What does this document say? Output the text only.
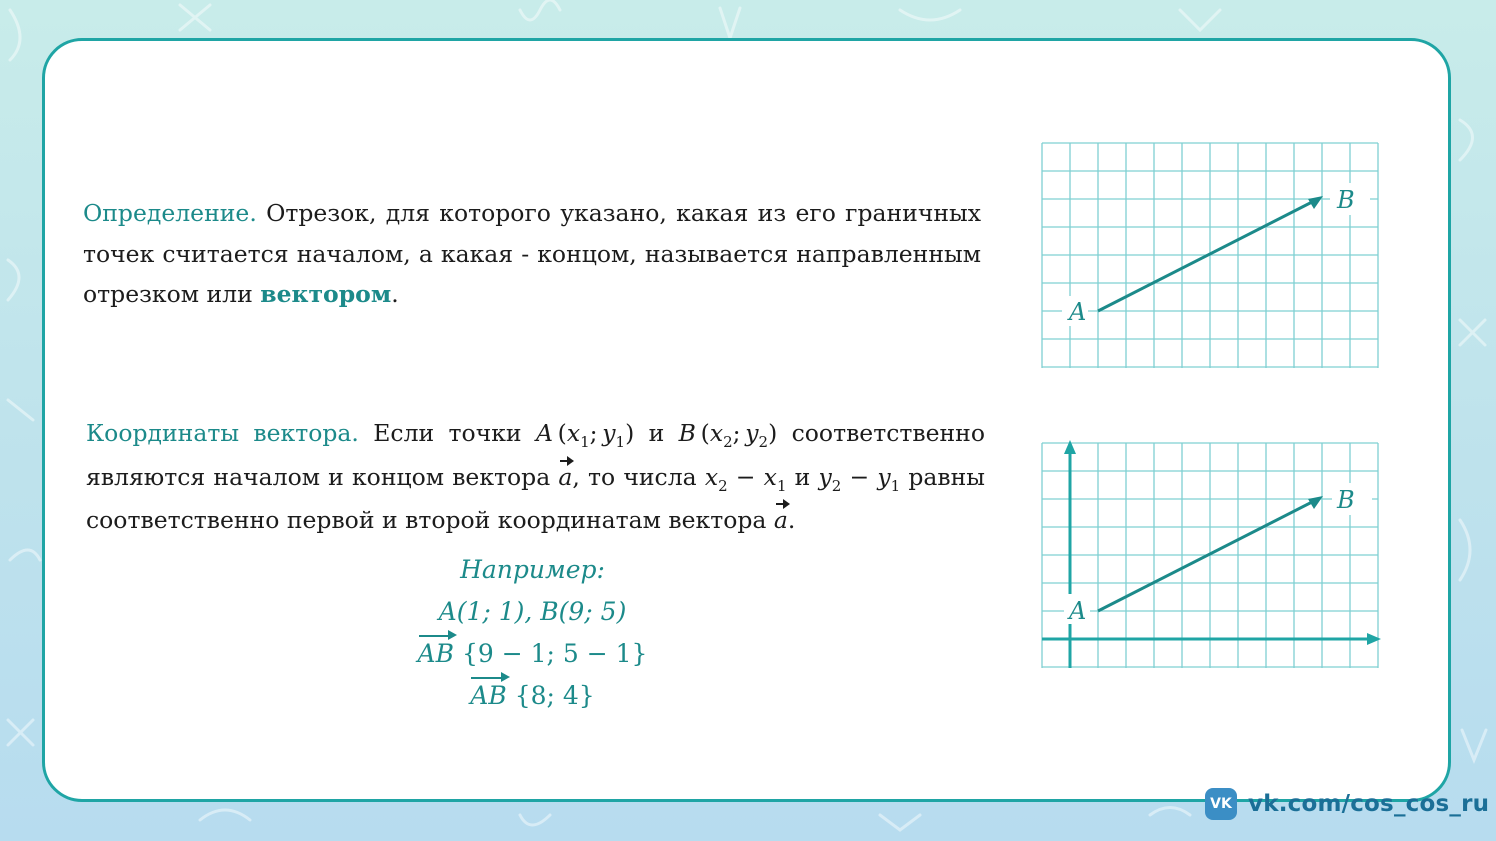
Определение. Отрезок, для которого указано, какая из его граничных точек считается началом, а какая - концом, называется направленным отрезком или вектором.
Координаты вектора. Если точки A ($x_1$; $y_1$) и B ($x_2$; $y_2$) соответственно являются началом и концом вектора a, то числа $x_2 - x_1$ и $y_2 - y_1$ равны соответственно первой и второй координатам вектора a.
Например:
A(1; 1), B(9; 5)
AB {9 − 1; 5 − 1}
AB {8; 4}
A
B
A
B
VK vk.com/cos_cos_ru
